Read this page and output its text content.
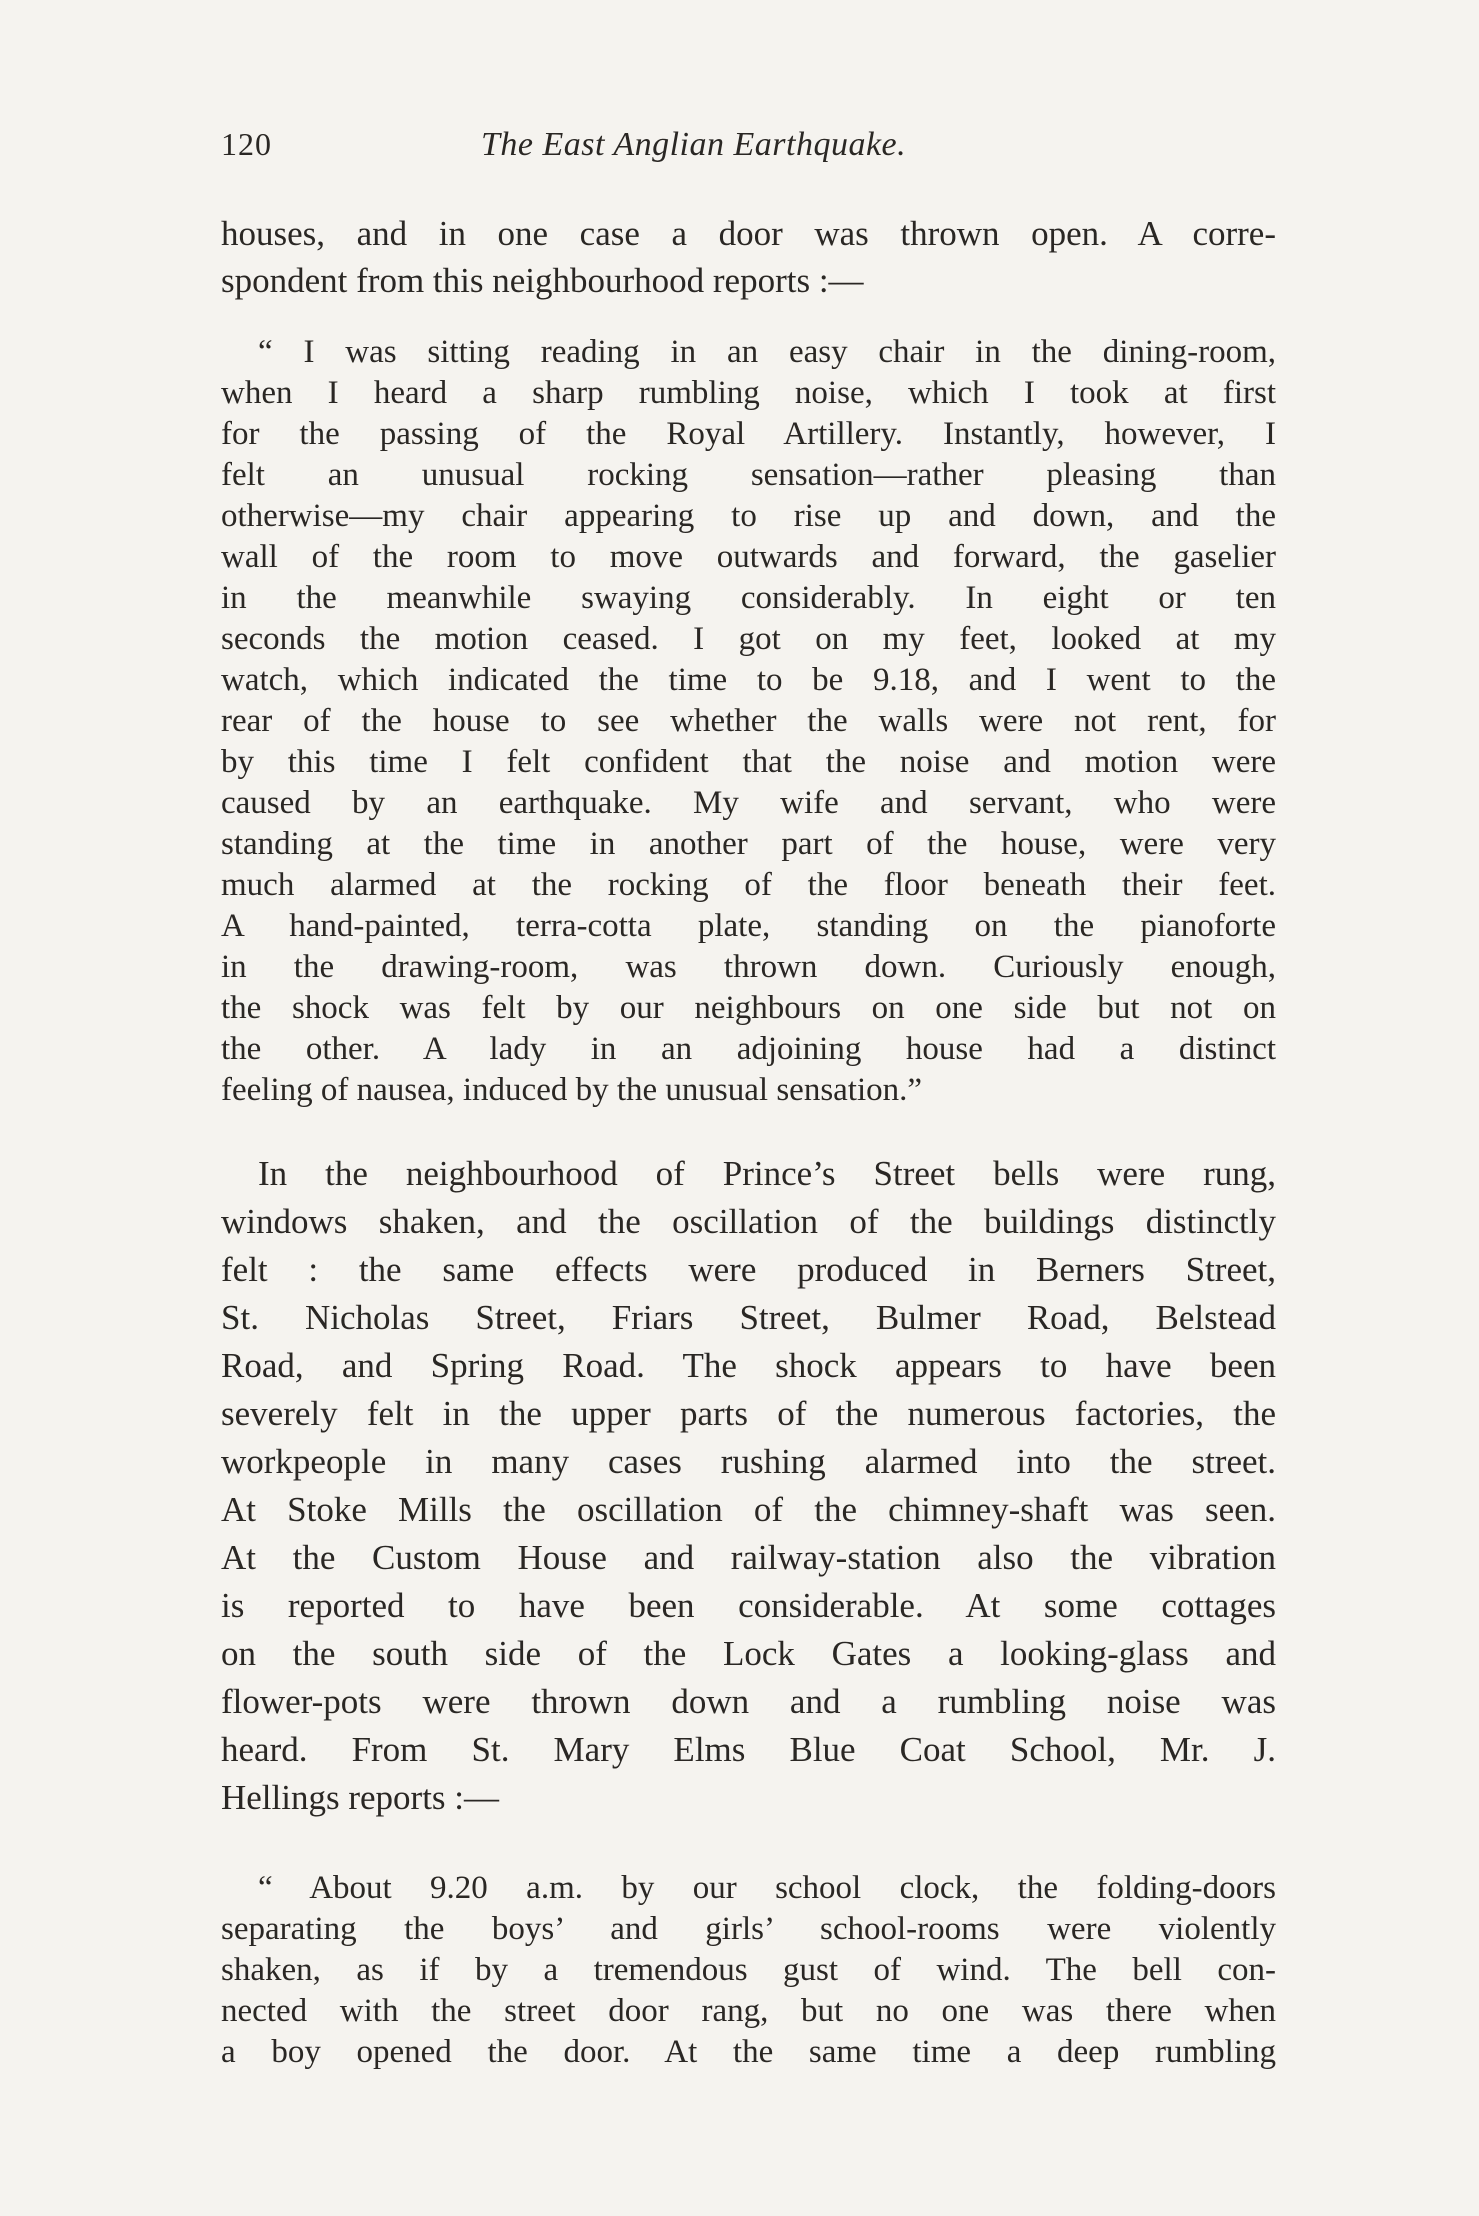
120	The East Anglian Earthquake.
houses, and in one case a door was thrown open. A corre-
spondent from this neighbourhood reports :—
“ I was sitting reading in an easy chair in the dining-room,
when I heard a sharp rumbling noise, which I took at first
for the passing of the Royal Artillery. Instantly, however, I
felt an unusual rocking sensation—rather pleasing than
otherwise—my chair appearing to rise up and down, and the
wall of the room to move outwards and forward, the gaselier
in the meanwhile swaying considerably. In eight or ten
seconds the motion ceased. I got on my feet, looked at my
watch, which indicated the time to be 9.18, and I went to the
rear of the house to see whether the walls were not rent, for
by this time I felt confident that the noise and motion were
caused by an earthquake. My wife and servant, who were
standing at the time in another part of the house, were very
much alarmed at the rocking of the floor beneath their feet.
A hand-painted, terra-cotta plate, standing on the pianoforte
in the drawing-room, was thrown down. Curiously enough,
the shock was felt by our neighbours on one side but not on
the other. A lady in an adjoining house had a distinct
feeling of nausea, induced by the unusual sensation.”
In the neighbourhood of Prince’s Street bells were rung,
windows shaken, and the oscillation of the buildings distinctly
felt : the same effects were produced in Berners Street,
St. Nicholas Street, Friars Street, Bulmer Road, Belstead
Road, and Spring Road. The shock appears to have been
severely felt in the upper parts of the numerous factories, the
workpeople in many cases rushing alarmed into the street.
At Stoke Mills the oscillation of the chimney-shaft was seen.
At the Custom House and railway-station also the vibration
is reported to have been considerable. At some cottages
on the south side of the Lock Gates a looking-glass and
flower-pots were thrown down and a rumbling noise was
heard. From St. Mary Elms Blue Coat School, Mr. J.
Hellings reports :—
“ About 9.20 a.m. by our school clock, the folding-doors
separating the boys’ and girls’ school-rooms were violently
shaken, as if by a tremendous gust of wind. The bell con-
nected with the street door rang, but no one was there when
a boy opened the door. At the same time a deep rumbling
